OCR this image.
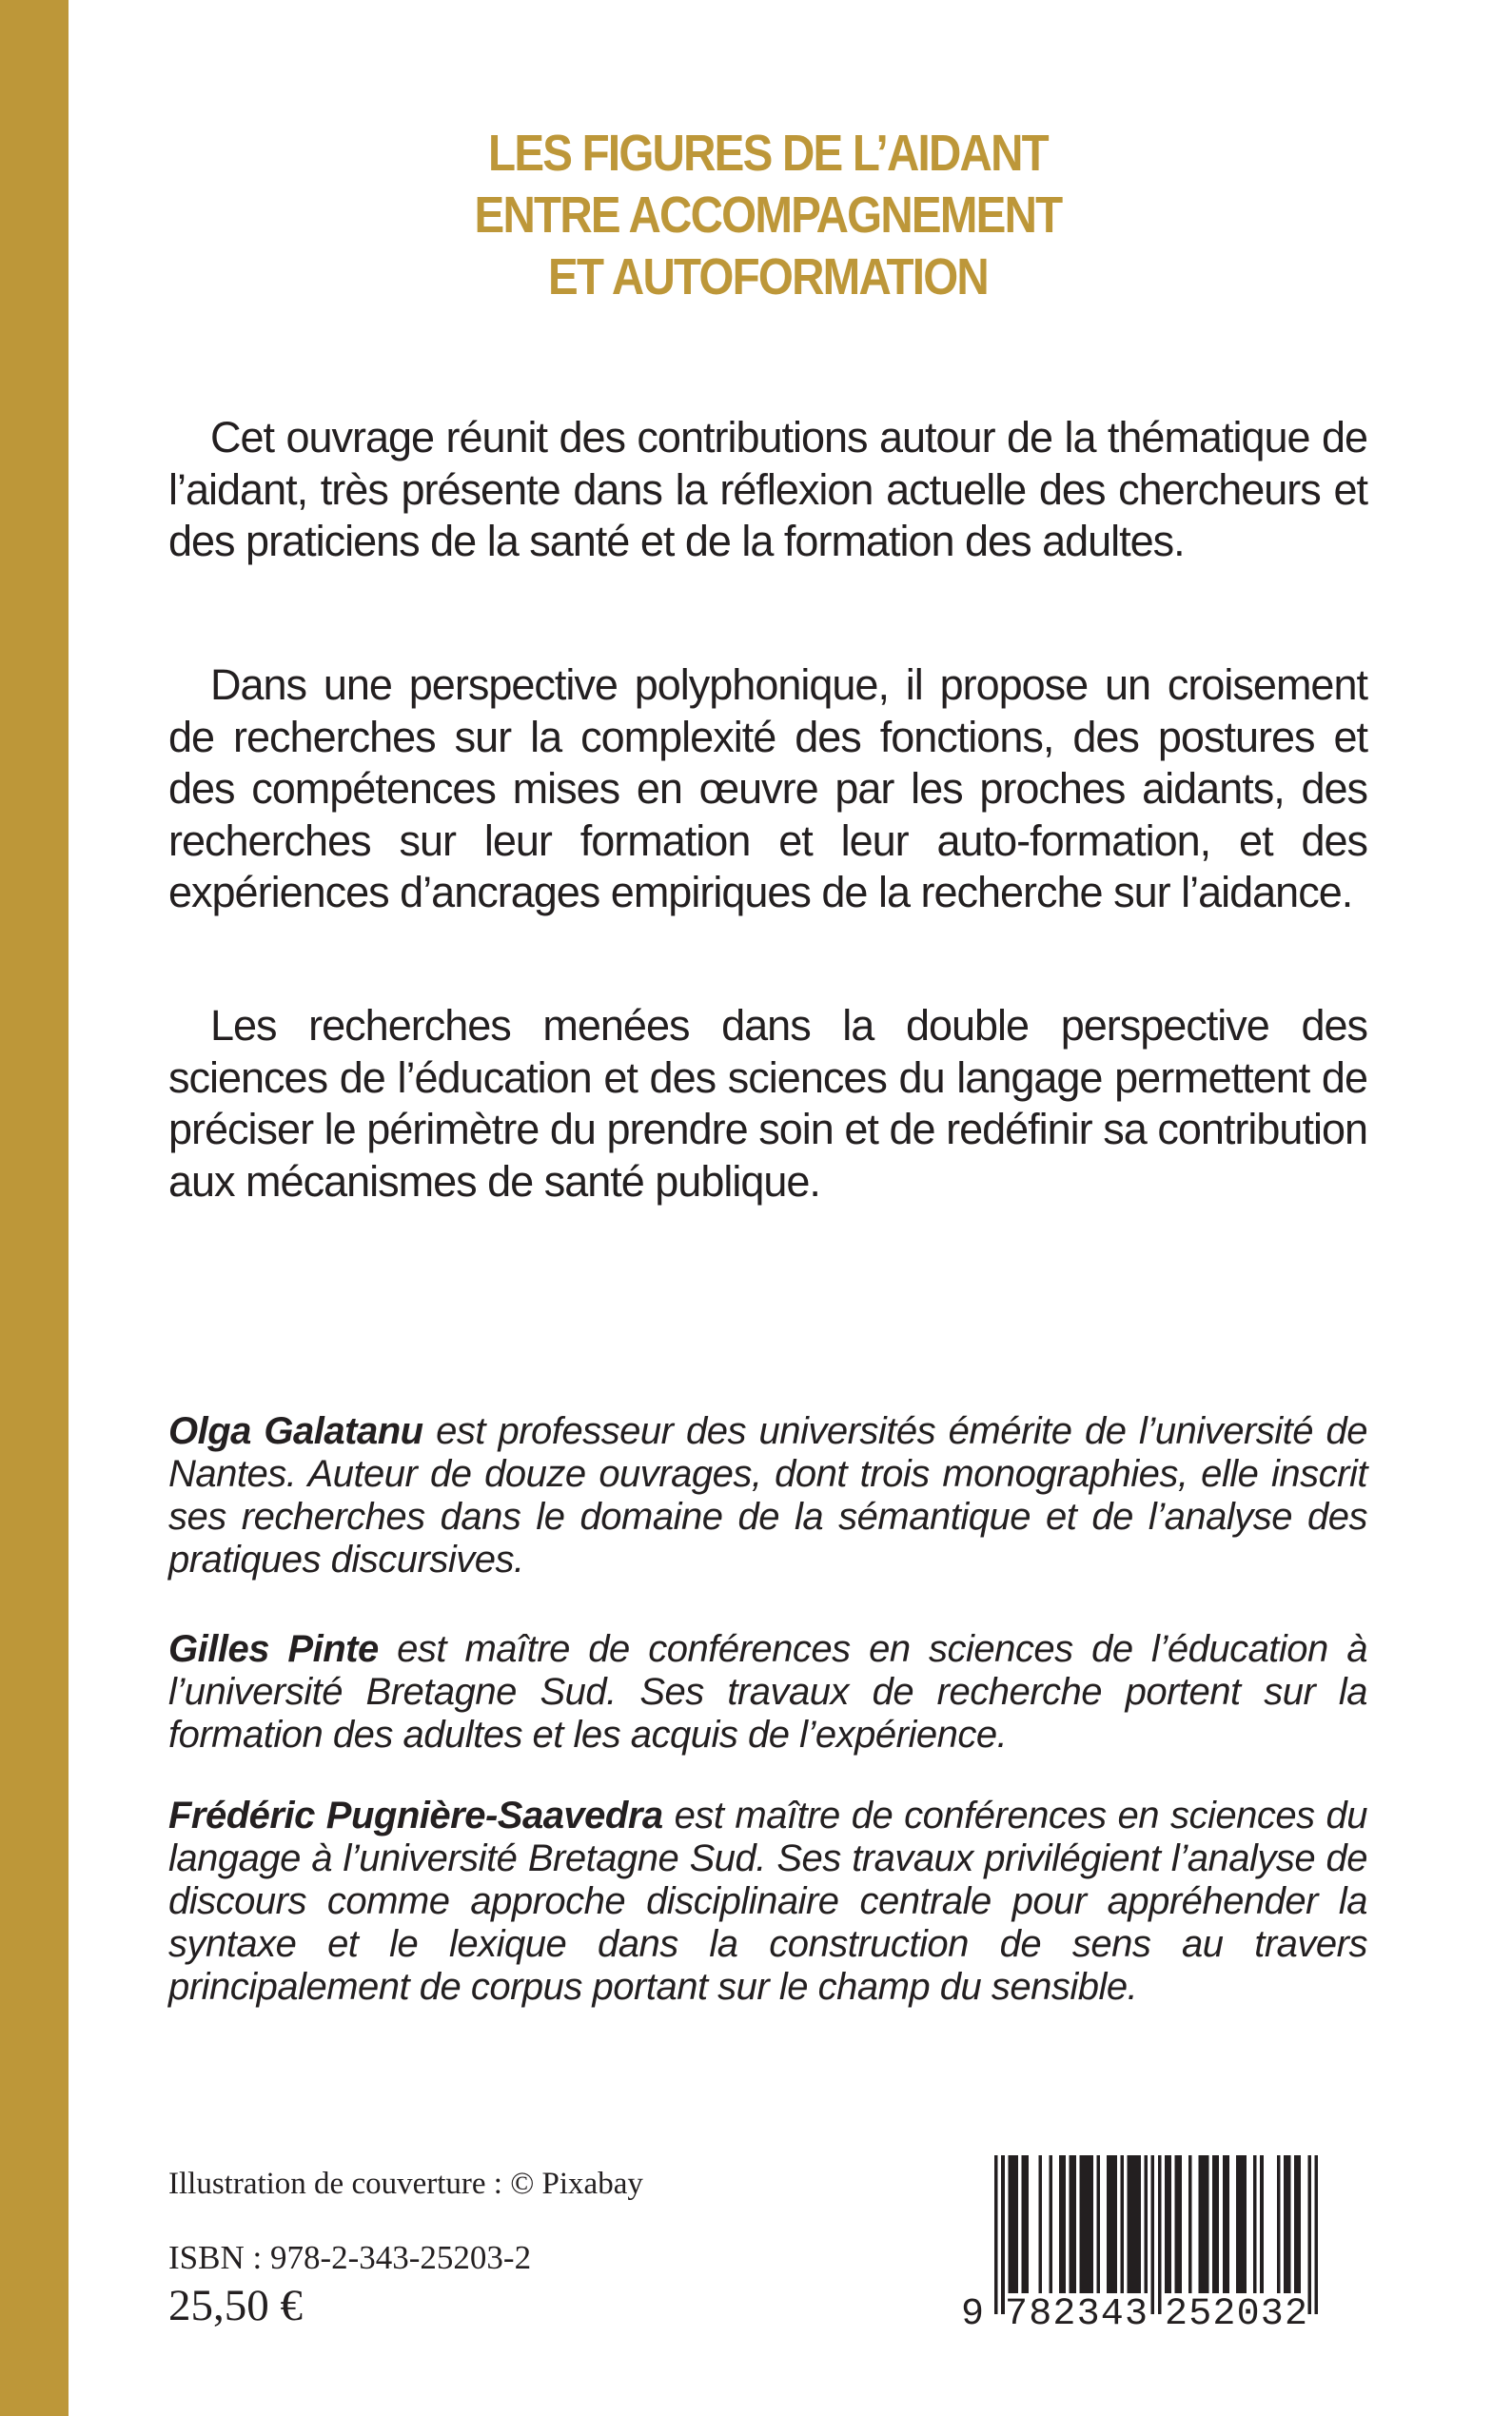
LES FIGURES DE L’AIDANT
ENTRE ACCOMPAGNEMENT
ET AUTOFORMATION

Cet ouvrage réunit des contributions autour de la thématique de l’aidant, très présente dans la réflexion actuelle des chercheurs et des praticiens de la santé et de la formation des adultes.

Dans une perspective polyphonique, il propose un croisement de recherches sur la complexité des fonctions, des postures et des compétences mises en œuvre par les proches aidants, des recherches sur leur formation et leur auto-formation, et des expériences d’ancrages empiriques de la recherche sur l’aidance.

Les recherches menées dans la double perspective des sciences de l’éducation et des sciences du langage permettent de préciser le périmètre du prendre soin et de redéfinir sa contribution aux mécanismes de santé publique.

Olga Galatanu est professeur des universités émérite de l’université de Nantes. Auteur de douze ouvrages, dont trois monographies, elle inscrit ses recherches dans le domaine de la sémantique et de l’analyse des pratiques discursives.

Gilles Pinte est maître de conférences en sciences de l’éducation à l’université Bretagne Sud. Ses travaux de recherche portent sur la formation des adultes et les acquis de l’expérience.

Frédéric Pugnière-Saavedra est maître de conférences en sciences du langage à l’université Bretagne Sud. Ses travaux privilégient l’analyse de discours comme approche disciplinaire centrale pour appréhender la syntaxe et le lexique dans la construction de sens au travers principalement de corpus portant sur le champ du sensible.

Illustration de couverture : © Pixabay

ISBN : 978-2-343-25203-2

25,50 €	9 7 8 2 3 4 3 2 5 2 0 3 2
